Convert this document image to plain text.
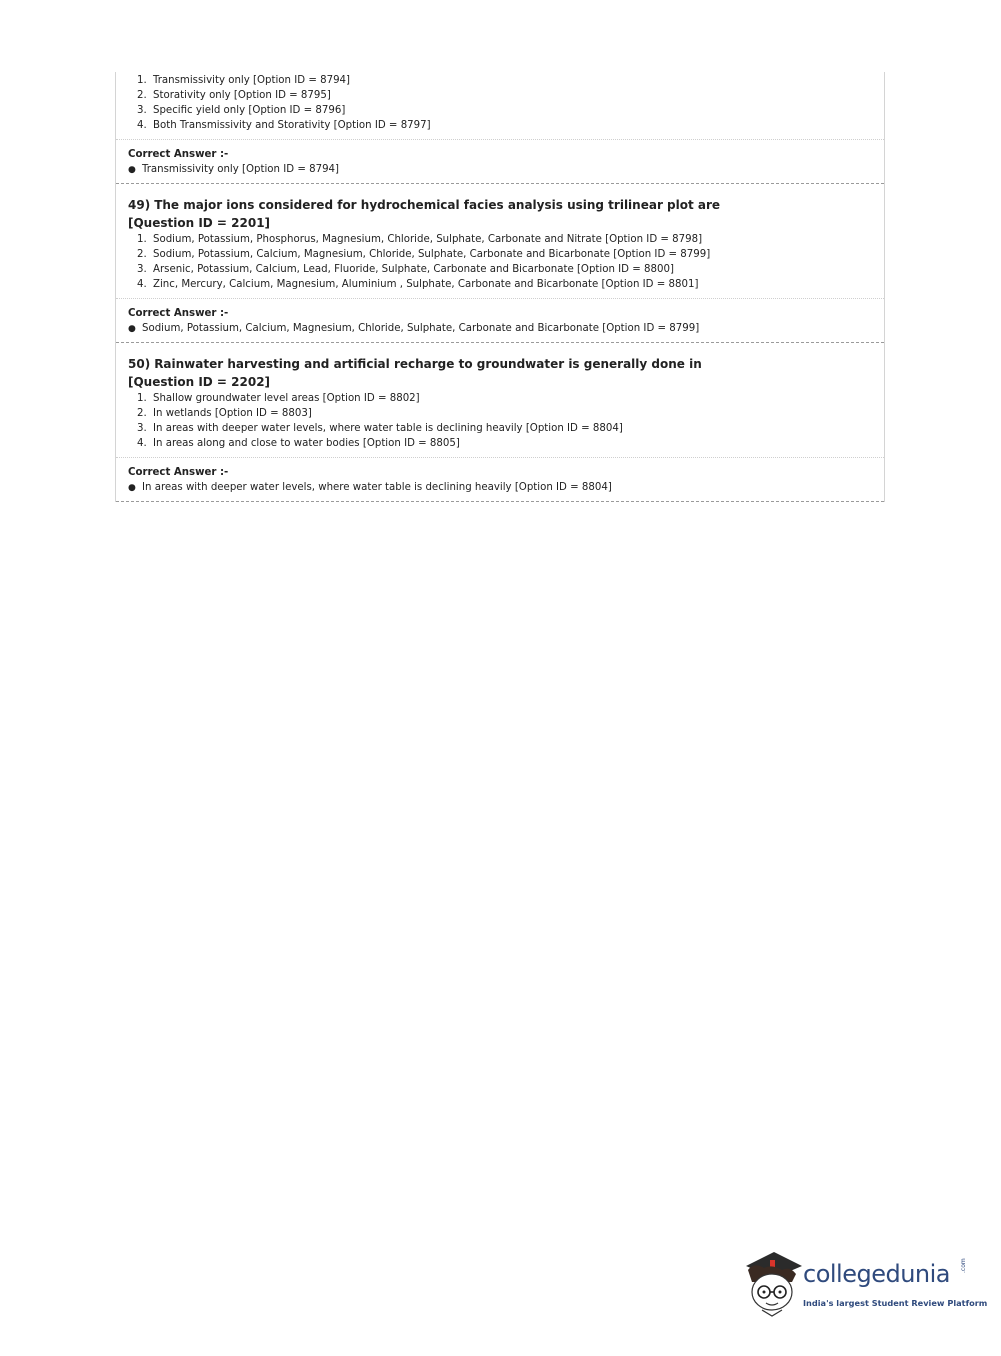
1. Transmissivity only [Option ID = 8794]
2. Storativity only [Option ID = 8795]
3. Specific yield only [Option ID = 8796]
4. Both Transmissivity and Storativity [Option ID = 8797]
Correct Answer :-
● Transmissivity only [Option ID = 8794]
49) The major ions considered for hydrochemical facies analysis using trilinear plot are
[Question ID = 2201]
1. Sodium, Potassium, Phosphorus, Magnesium, Chloride, Sulphate, Carbonate and Nitrate [Option ID = 8798]
2. Sodium, Potassium, Calcium, Magnesium, Chloride, Sulphate, Carbonate and Bicarbonate [Option ID = 8799]
3. Arsenic, Potassium, Calcium, Lead, Fluoride, Sulphate, Carbonate and Bicarbonate [Option ID = 8800]
4. Zinc, Mercury, Calcium, Magnesium, Aluminium , Sulphate, Carbonate and Bicarbonate [Option ID = 8801]
Correct Answer :-
● Sodium, Potassium, Calcium, Magnesium, Chloride, Sulphate, Carbonate and Bicarbonate [Option ID = 8799]
50) Rainwater harvesting and artificial recharge to groundwater is generally done in
[Question ID = 2202]
1. Shallow groundwater level areas [Option ID = 8802]
2. In wetlands [Option ID = 8803]
3. In areas with deeper water levels, where water table is declining heavily [Option ID = 8804]
4. In areas along and close to water bodies [Option ID = 8805]
Correct Answer :-
● In areas with deeper water levels, where water table is declining heavily [Option ID = 8804]
collegedunia .com
India's largest Student Review Platform
